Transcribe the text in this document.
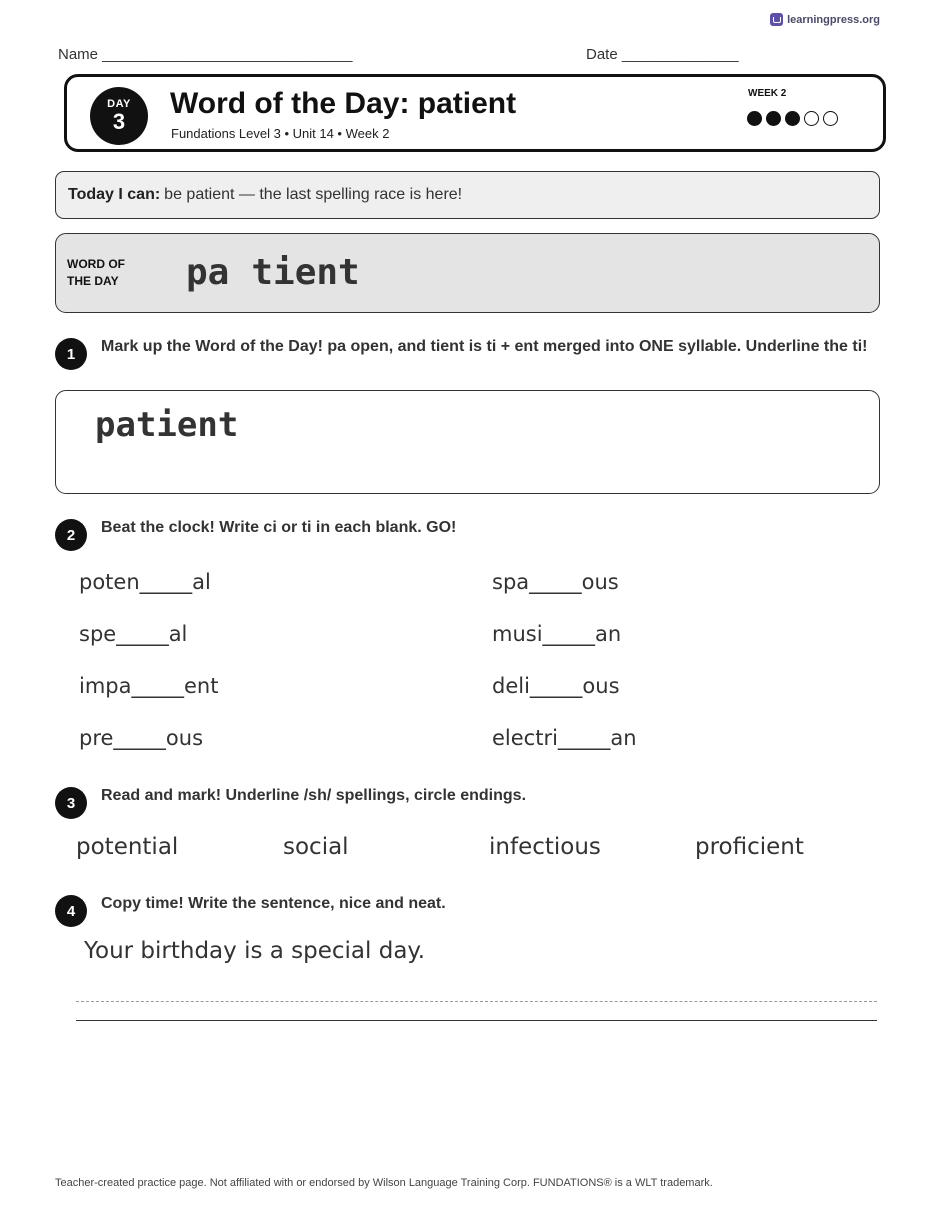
learningpress.org
Name ______________________________	Date ______________
DAY
3
Word of the Day: patient
Fundations Level 3 • Unit 14 • Week 2
WEEK 2
Today I can: be patient — the last spelling race is here!
WORD OF
THE DAY	pa tient
1	Mark up the Word of the Day! pa open, and tient is ti + ent merged into ONE syllable. Underline the ti!
patient
2	Beat the clock! Write ci or ti in each blank. GO!
poten_____al	spa_____ous
spe_____al	musi_____an
impa_____ent	deli_____ous
pre_____ous	electri_____an
3	Read and mark! Underline /sh/ spellings, circle endings.
potential	social	infectious	proficient
4	Copy time! Write the sentence, nice and neat.
Your birthday is a special day.
Teacher-created practice page. Not affiliated with or endorsed by Wilson Language Training Corp. FUNDATIONS® is a WLT trademark.
